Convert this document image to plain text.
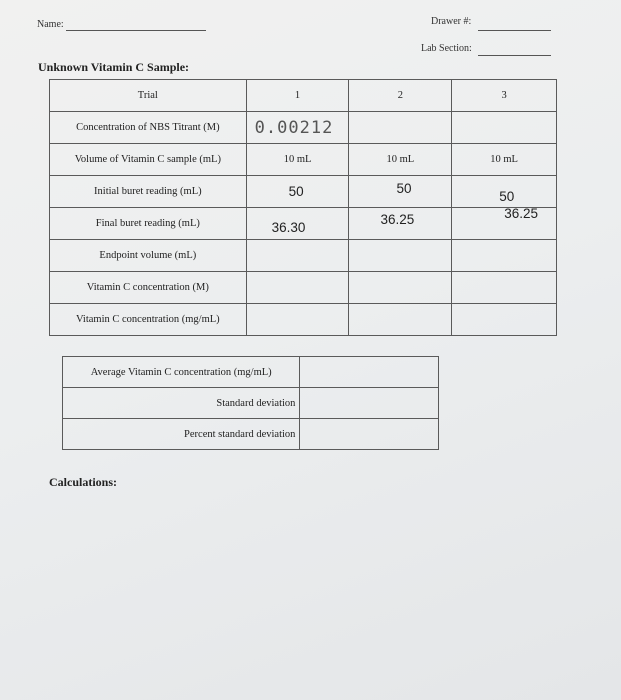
Name:	Drawer #:
Lab Section:
Unknown Vitamin C Sample:
Trial	1	2	3
Concentration of NBS Titrant (M)	0.00212		

Volume of Vitamin C sample (mL)	10 mL	10 mL	10 mL
Initial buret reading (mL)	50	50	50

Final buret reading (mL)	36.30	36.25	36.25

Endpoint volume (mL)			
Vitamin C concentration (M)			
Vitamin C concentration (mg/mL)			
Average Vitamin C concentration (mg/mL)	
Standard deviation	
Percent standard deviation	
Calculations:
